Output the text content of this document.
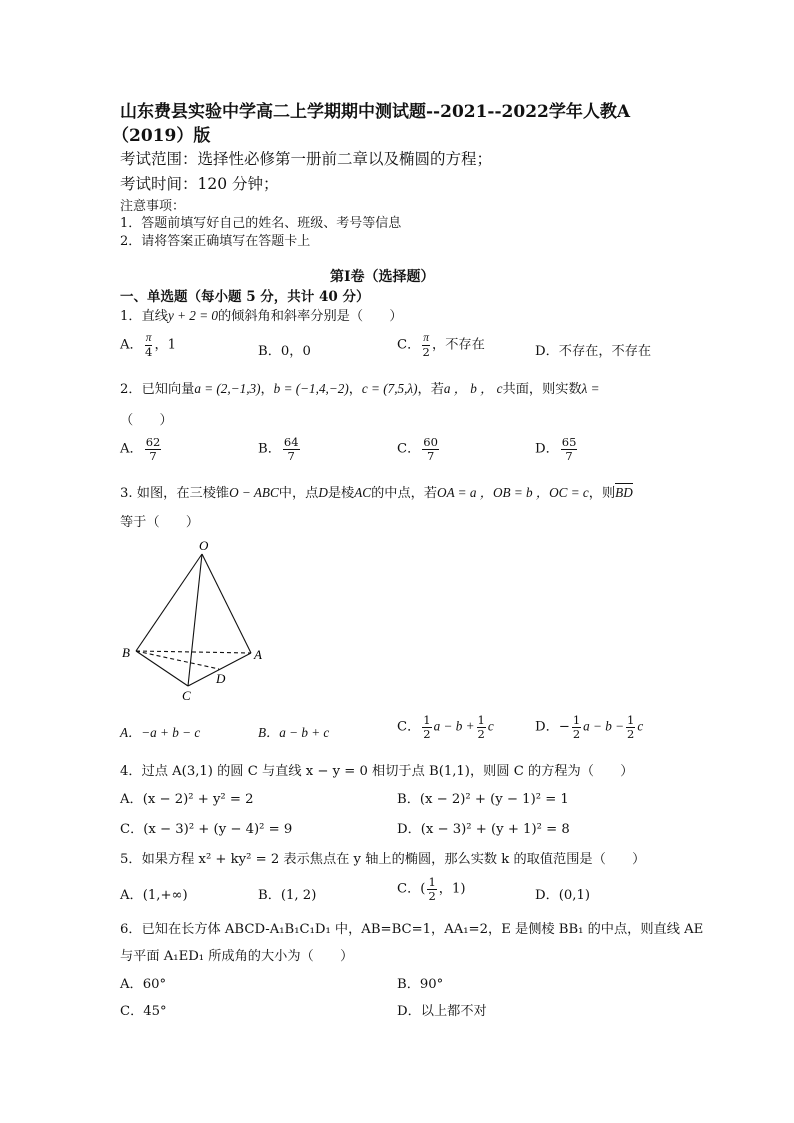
山东费县实验中学高二上学期期中测试题--2021--2022学年人教A
（2019）版
考试范围：选择性必修第一册前二章以及椭圆的方程；
考试时间：120 分钟；
注意事项：
1．答题前填写好自己的姓名、班级、考号等信息
2．请将答案正确填写在答题卡上
第I卷（选择题）
一、单选题（每小题 5 分，共计 40 分）
1．直线y + 2 = 0的倾斜角和斜率分别是（　　）
A． $\frac{\pi}{4}$ ，1	B．0，0	C． $\frac{\pi}{2}$ ，不存在	D．不存在，不存在
2．已知向量a = (2,−1,3)，b = (−1,4,−2)，c = (7,5,λ)，若a ， b ， c共面，则实数λ =
（　　）
A． $\frac{62}{7}$	B． $\frac{64}{7}$	C． $\frac{60}{7}$	D． $\frac{65}{7}$
3. 如图，在三棱锥O − ABC中，点D是棱AC的中点，若OA = a ，OB = b ，OC = c，则BD
等于（　　）
O
A
B
C
D
A．−a + b − c	B．a − b + c	C． $\frac{1}{2}$ $a - b + \frac{1}{2}$ c	D．− $\frac{1}{2}$ $a - b - \frac{1}{2}$ c
4．过点 A(3,1) 的圆 C 与直线 x − y = 0 相切于点 B(1,1)，则圆 C 的方程为（　　）
A．(x − 2)² + y² = 2	B．(x − 2)² + (y − 1)² = 1
C．(x − 3)² + (y − 4)² = 9	D．(x − 3)² + (y + 1)² = 8
5．如果方程 x² + ky² = 2 表示焦点在 y 轴上的椭圆，那么实数 k 的取值范围是（　　）
A．(1,+∞)	B．(1, 2)	C．( $\frac{1}{2}$ ，1)	D．(0,1)
6．已知在长方体 ABCD-A₁B₁C₁D₁ 中，AB=BC=1，AA₁=2，E 是侧棱 BB₁ 的中点，则直线 AE
与平面 A₁ED₁ 所成角的大小为（　　）
A．60°	B．90°
C．45°	D．以上都不对
